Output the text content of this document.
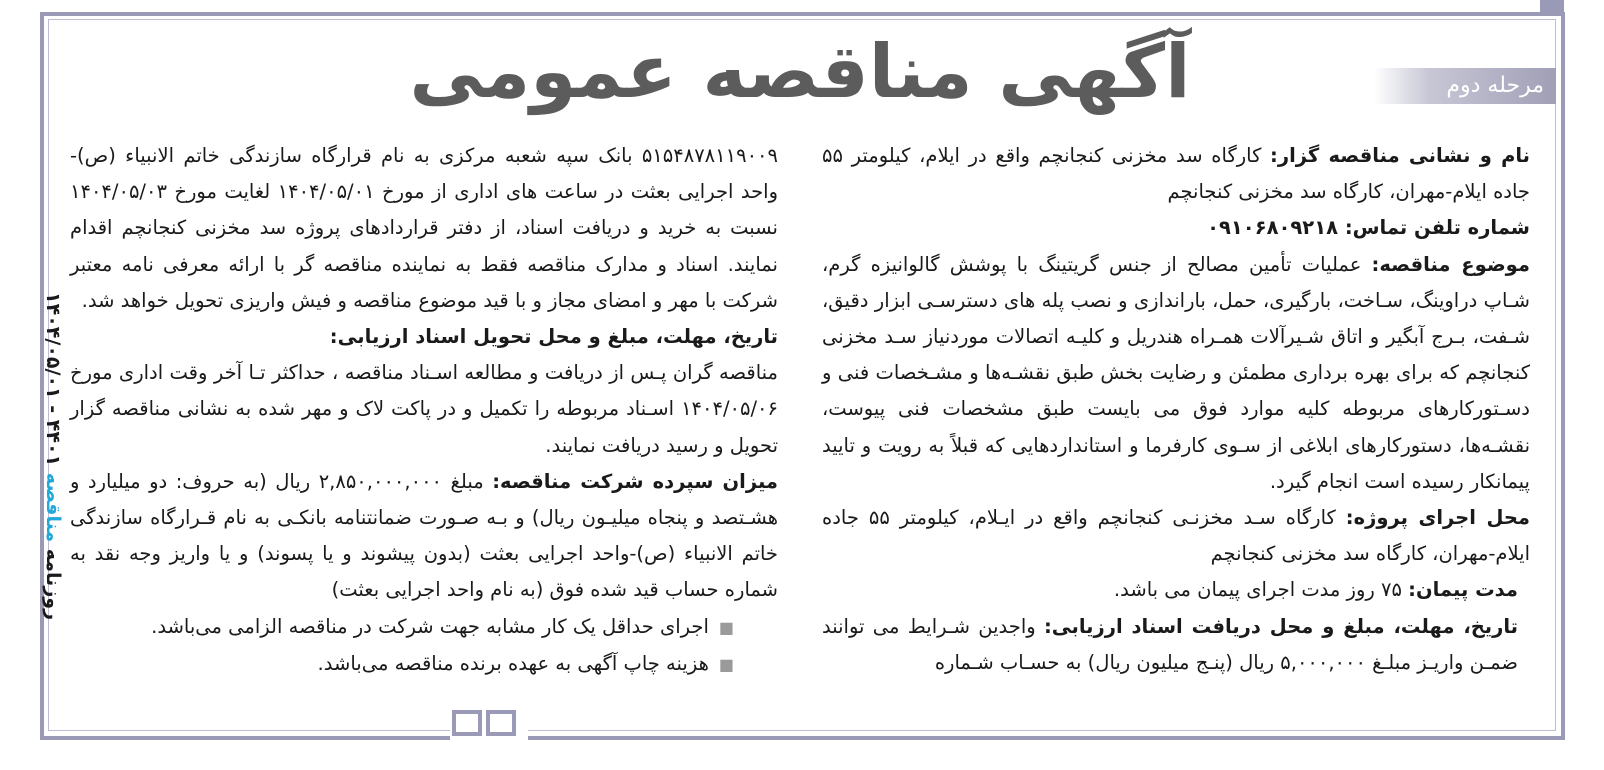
آگهی مناقصه عمومی	مرحله دوم

نام و نشانی مناقصه گزار: کارگاه سد مخزنی کنجانچم واقع در ایلام، کیلومتر ۵۵ جاده ایلام-مهران، کارگاه سد مخزنی کنجانچم

شماره تلفن تماس: ۰۹۱۰۶۸۰۹۲۱۸

موضوع مناقصه: عملیات تأمین مصالح از جنس گریتینگ با پوشش گالوانیزه گرم، شـاپ دراوینگ، سـاخت، بارگیری، حمل، باراندازی و نصب پله های دسترسـی ابزار دقیق، شـفت، بـرج آبگیر و اتاق شـیرآلات همـراه هندریل و کلیـه اتصالات موردنیاز سـد مخزنی کنجانچم که برای بهره برداری مطمئن و رضایت بخش طبق نقشـه‌ها و مشـخصات فنی و دسـتورکارهای مربوطه کلیه موارد فوق می بایست طبق مشخصات فنی پیوست، نقشـه‌ها، دستورکارهای ابلاغی از سـوی کارفرما و استانداردهایی که قبلاً به رویت و تایید پیمانکار رسیده است انجام گیرد.

محل اجرای پروژه: کارگاه سـد مخزنـی کنجانچم واقع در ایـلام، کیلومتر ۵۵ جاده ایلام-مهران، کارگاه سد مخزنی کنجانچم

مدت پیمان: ۷۵ روز مدت اجرای پیمان می باشد.

تاریخ، مهلت، مبلغ و محل دریافت اسناد ارزیابی: واجدین شـرایط می توانند ضمـن واریـز مبلـغ ۵,۰۰۰,۰۰۰ ریال (پنـج میلیون ریال) به حسـاب شـماره

۵۱۵۴۸۷۸۱۱۹۰۰۹ بانک سپه شعبه مرکزی به نام قرارگاه سازندگی خاتم الانبیاء (ص)-واحد اجرایی بعثت در ساعت های اداری از مورخ ۱۴۰۴/۰۵/۰۱ لغایت مورخ ۱۴۰۴/۰۵/۰۳ نسبت به خرید و دریافت اسناد، از دفتر قراردادهای پروژه سد مخزنی کنجانچم اقدام نمایند. اسناد و مدارک مناقصه فقط به نماینده مناقصه گر با ارائه معرفی نامه معتبر شرکت با مهر و امضای مجاز و با قید موضوع مناقصه و فیش واریزی تحویل خواهد شد.

تاریخ، مهلت، مبلغ و محل تحویل اسناد ارزیابی:

مناقصه گران پـس از دریافت و مطالعه اسـناد مناقصه ، حداکثر تـا آخر وقت اداری مورخ ۱۴۰۴/۰۵/۰۶ اسـناد مربوطه را تکمیل و در پاکت لاک و مهر شده به نشانی مناقصه گزار تحویل و رسید دریافت نمایند.

میزان سپرده شرکت مناقصه: مبلغ ۲,۸۵۰,۰۰۰,۰۰۰ ریال (به حروف: دو میلیارد و هشـتصد و پنجاه میلیـون ریال) و بـه صـورت ضمانتنامه بانکـی به نام قـرارگاه سازندگی خاتم الانبیاء (ص)-واحد اجرایی بعثت (بدون پیشوند و یا پسوند) و یا واریز وجه نقد به شماره حساب قید شده فوق (به نام واحد اجرایی بعثت)

■اجرای حداقل یک کار مشابه جهت شرکت در مناقصه الزامی می‌باشد.

■هزینه چاپ آگهی به عهده برنده مناقصه می‌باشد.

روزنامه مناقصه ۴۴۰۱ - ۱۴۰۴/۰۵/۰۱
